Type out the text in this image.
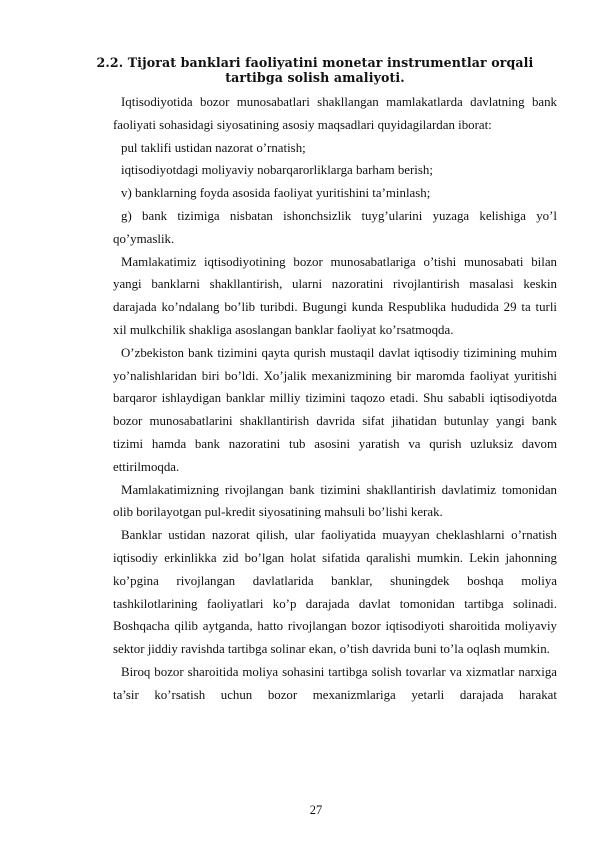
2.2. Tijorat banklari faoliyatini monetar instrumentlar orqali
tartibga solish amaliyoti.

Iqtisodiyotida bozor munosabatlari shakllangan mamlakatlarda davlatning bank faoliyati sohasidagi siyosatining asosiy maqsadlari quyidagilardan iborat:

pul taklifi ustidan nazorat o’rnatish;

iqtisodiyotdagi moliyaviy nobarqarorliklarga barham berish;

v) banklarning foyda asosida faoliyat yuritishini ta’minlash;

g) bank tizimiga nisbatan ishonchsizlik tuyg’ularini yuzaga kelishiga yo’l qo’ymaslik.

Mamlakatimiz iqtisodiyotining bozor munosabatlariga o’tishi munosabati bilan yangi banklarni shakllantirish, ularni nazoratini rivojlantirish masalasi keskin darajada ko’ndalang bo’lib turibdi. Bugungi kunda Respublika hududida 29 ta turli xil mulkchilik shakliga asoslangan banklar faoliyat ko’rsatmoqda.

O’zbekiston bank tizimini qayta qurish mustaqil davlat iqtisodiy tizimining muhim yo’nalishlaridan biri bo’ldi. Xo’jalik mexanizmining bir maromda faoliyat yuritishi barqaror ishlaydigan banklar milliy tizimini taqozo etadi. Shu sababli iqtisodiyotda bozor munosabatlarini shakllantirish davrida sifat jihatidan butunlay yangi bank tizimi hamda bank nazoratini tub asosini yaratish va qurish uzluksiz davom ettirilmoqda.

Mamlakatimizning rivojlangan bank tizimini shakllantirish davlatimiz tomonidan olib borilayotgan pul-kredit siyosatining mahsuli bo’lishi kerak.

Banklar ustidan nazorat qilish, ular faoliyatida muayyan cheklashlarni o’rnatish iqtisodiy erkinlikka zid bo’lgan holat sifatida qaralishi mumkin. Lekin jahonning ko’pgina rivojlangan davlatlarida banklar, shuningdek boshqa moliya tashkilotlarining faoliyatlari ko’p darajada davlat tomonidan tartibga solinadi. Boshqacha qilib aytganda, hatto rivojlangan bozor iqtisodiyoti sharoitida moliyaviy sektor jiddiy ravishda tartibga solinar ekan, o’tish davrida buni to’la oqlash mumkin.

Biroq bozor sharoitida moliya sohasini tartibga solish tovarlar va xizmatlar narxiga ta’sir ko’rsatish uchun bozor mexanizmlariga yetarli darajada harakat

27
